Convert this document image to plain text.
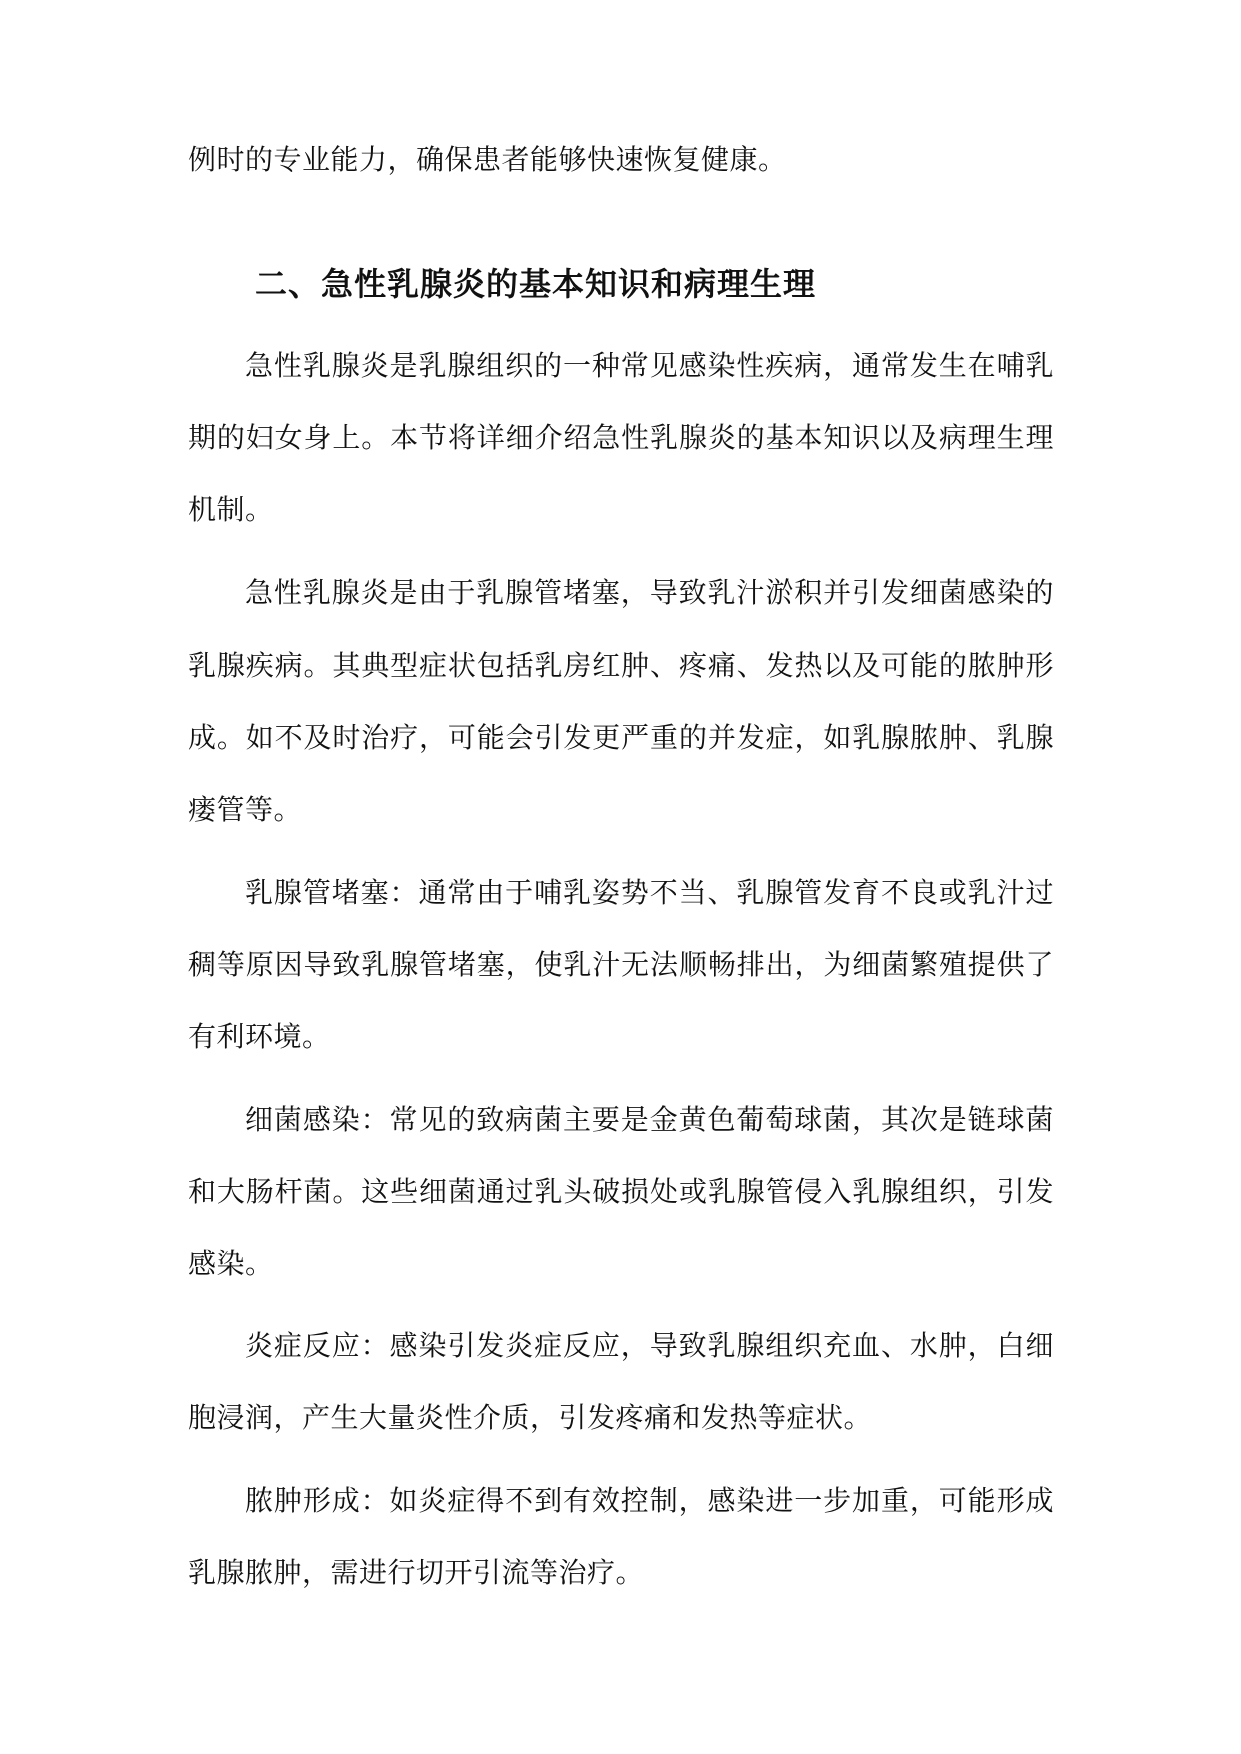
例时的专业能力，确保患者能够快速恢复健康。
二、急性乳腺炎的基本知识和病理生理
急性乳腺炎是乳腺组织的一种常见感染性疾病，通常发生在哺乳
期的妇女身上。本节将详细介绍急性乳腺炎的基本知识以及病理生理
机制。
急性乳腺炎是由于乳腺管堵塞，导致乳汁淤积并引发细菌感染的
乳腺疾病。其典型症状包括乳房红肿、疼痛、发热以及可能的脓肿形
成。如不及时治疗，可能会引发更严重的并发症，如乳腺脓肿、乳腺
瘘管等。
乳腺管堵塞：通常由于哺乳姿势不当、乳腺管发育不良或乳汁过
稠等原因导致乳腺管堵塞，使乳汁无法顺畅排出，为细菌繁殖提供了
有利环境。
细菌感染：常见的致病菌主要是金黄色葡萄球菌，其次是链球菌
和大肠杆菌。这些细菌通过乳头破损处或乳腺管侵入乳腺组织，引发
感染。
炎症反应：感染引发炎症反应，导致乳腺组织充血、水肿，白细
胞浸润，产生大量炎性介质，引发疼痛和发热等症状。
脓肿形成：如炎症得不到有效控制，感染进一步加重，可能形成
乳腺脓肿，需进行切开引流等治疗。
